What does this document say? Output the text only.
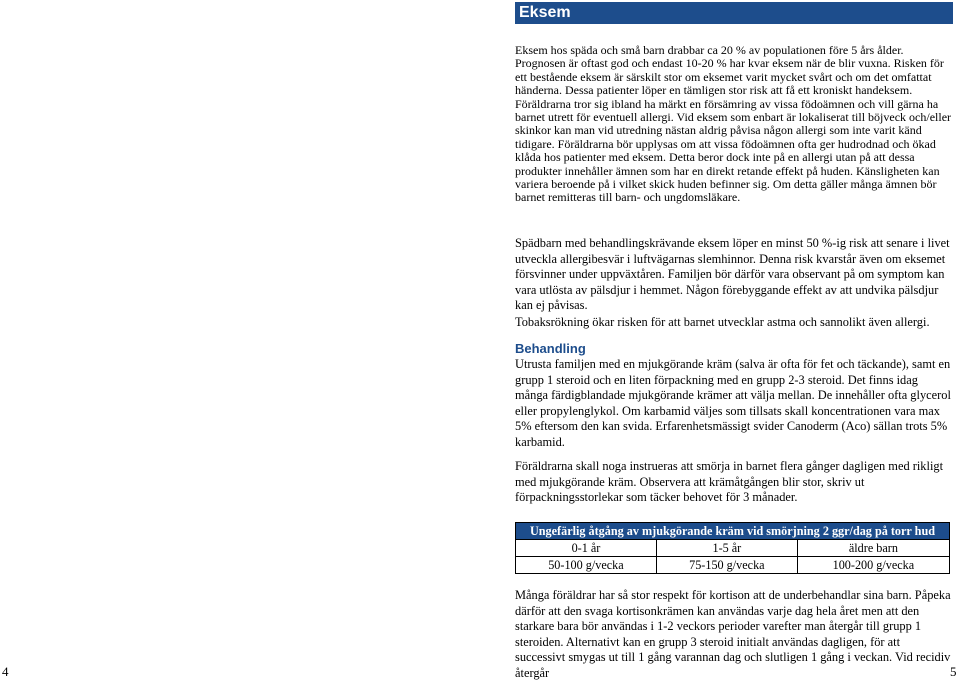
Eksem
Eksem hos späda och små barn drabbar ca 20 % av populationen före 5 års ålder. Prognosen är oftast god och endast 10-20 % har kvar eksem när de blir vuxna. Risken för ett bestående eksem är särskilt stor om eksemet varit mycket svårt och om det omfattat händerna. Dessa patienter löper en tämligen stor risk att få ett kroniskt handeksem. Föräldrarna tror sig ibland ha märkt en försämring av vissa födoämnen och vill gärna ha barnet utrett för eventuell allergi. Vid eksem som enbart är lokaliserat till böjveck och/eller skinkor kan man vid utredning nästan aldrig påvisa någon allergi som inte varit känd tidigare. Föräldrarna bör upplysas om att vissa födoämnen ofta ger hudrodnad och ökad klåda hos patienter med eksem. Detta beror dock inte på en allergi utan på att dessa produkter innehåller ämnen som har en direkt retande effekt på huden. Känsligheten kan variera beroende på i vilket skick huden befinner sig. Om detta gäller många ämnen bör barnet remitteras till barn- och ungdomsläkare.
Spädbarn med behandlingskrävande eksem löper en minst 50 %-ig risk att senare i livet utveckla allergibesvär i luftvägarnas slemhinnor. Denna risk kvarstår även om eksemet försvinner under uppväxtåren. Familjen bör därför vara observant på om symptom kan vara utlösta av pälsdjur i hemmet. Någon förebyggande effekt av att undvika pälsdjur kan ej påvisas.
Tobaksrökning ökar risken för att barnet utvecklar astma och sannolikt även allergi.
Behandling
Utrusta familjen med en mjukgörande kräm (salva är ofta för fet och täckande), samt en grupp 1 steroid och en liten förpackning med en grupp 2-3 steroid. Det finns idag många färdigblandade mjukgörande krämer att välja mellan. De innehåller ofta glycerol eller propylenglykol. Om karbamid väljes som tillsats skall koncentrationen vara max 5% eftersom den kan svida. Erfarenhetsmässigt svider Canoderm (Aco) sällan trots 5% karbamid.
Föräldrarna skall noga instrueras att smörja in barnet flera gånger dagligen med rikligt med mjukgörande kräm. Observera att krämåtgången blir stor, skriv ut förpackningsstorlekar som täcker behovet för 3 månader.
Ungefärlig åtgång av mjukgörande kräm vid smörjning 2 ggr/dag på torr hud		
0-1 år	1-5 år	äldre barn
50-100 g/vecka	75-150 g/vecka	100-200 g/vecka
Många föräldrar har så stor respekt för kortison att de underbehandlar sina barn. Påpeka därför att den svaga kortisonkrämen kan användas varje dag hela året men att den starkare bara bör användas i 1-2 veckors perioder varefter man återgår till grupp 1 steroiden. Alternativt kan en grupp 3 steroid initialt användas dagligen, för att successivt smygas ut till 1 gång varannan dag och slutligen 1 gång i veckan. Vid recidiv återgår
4	5
